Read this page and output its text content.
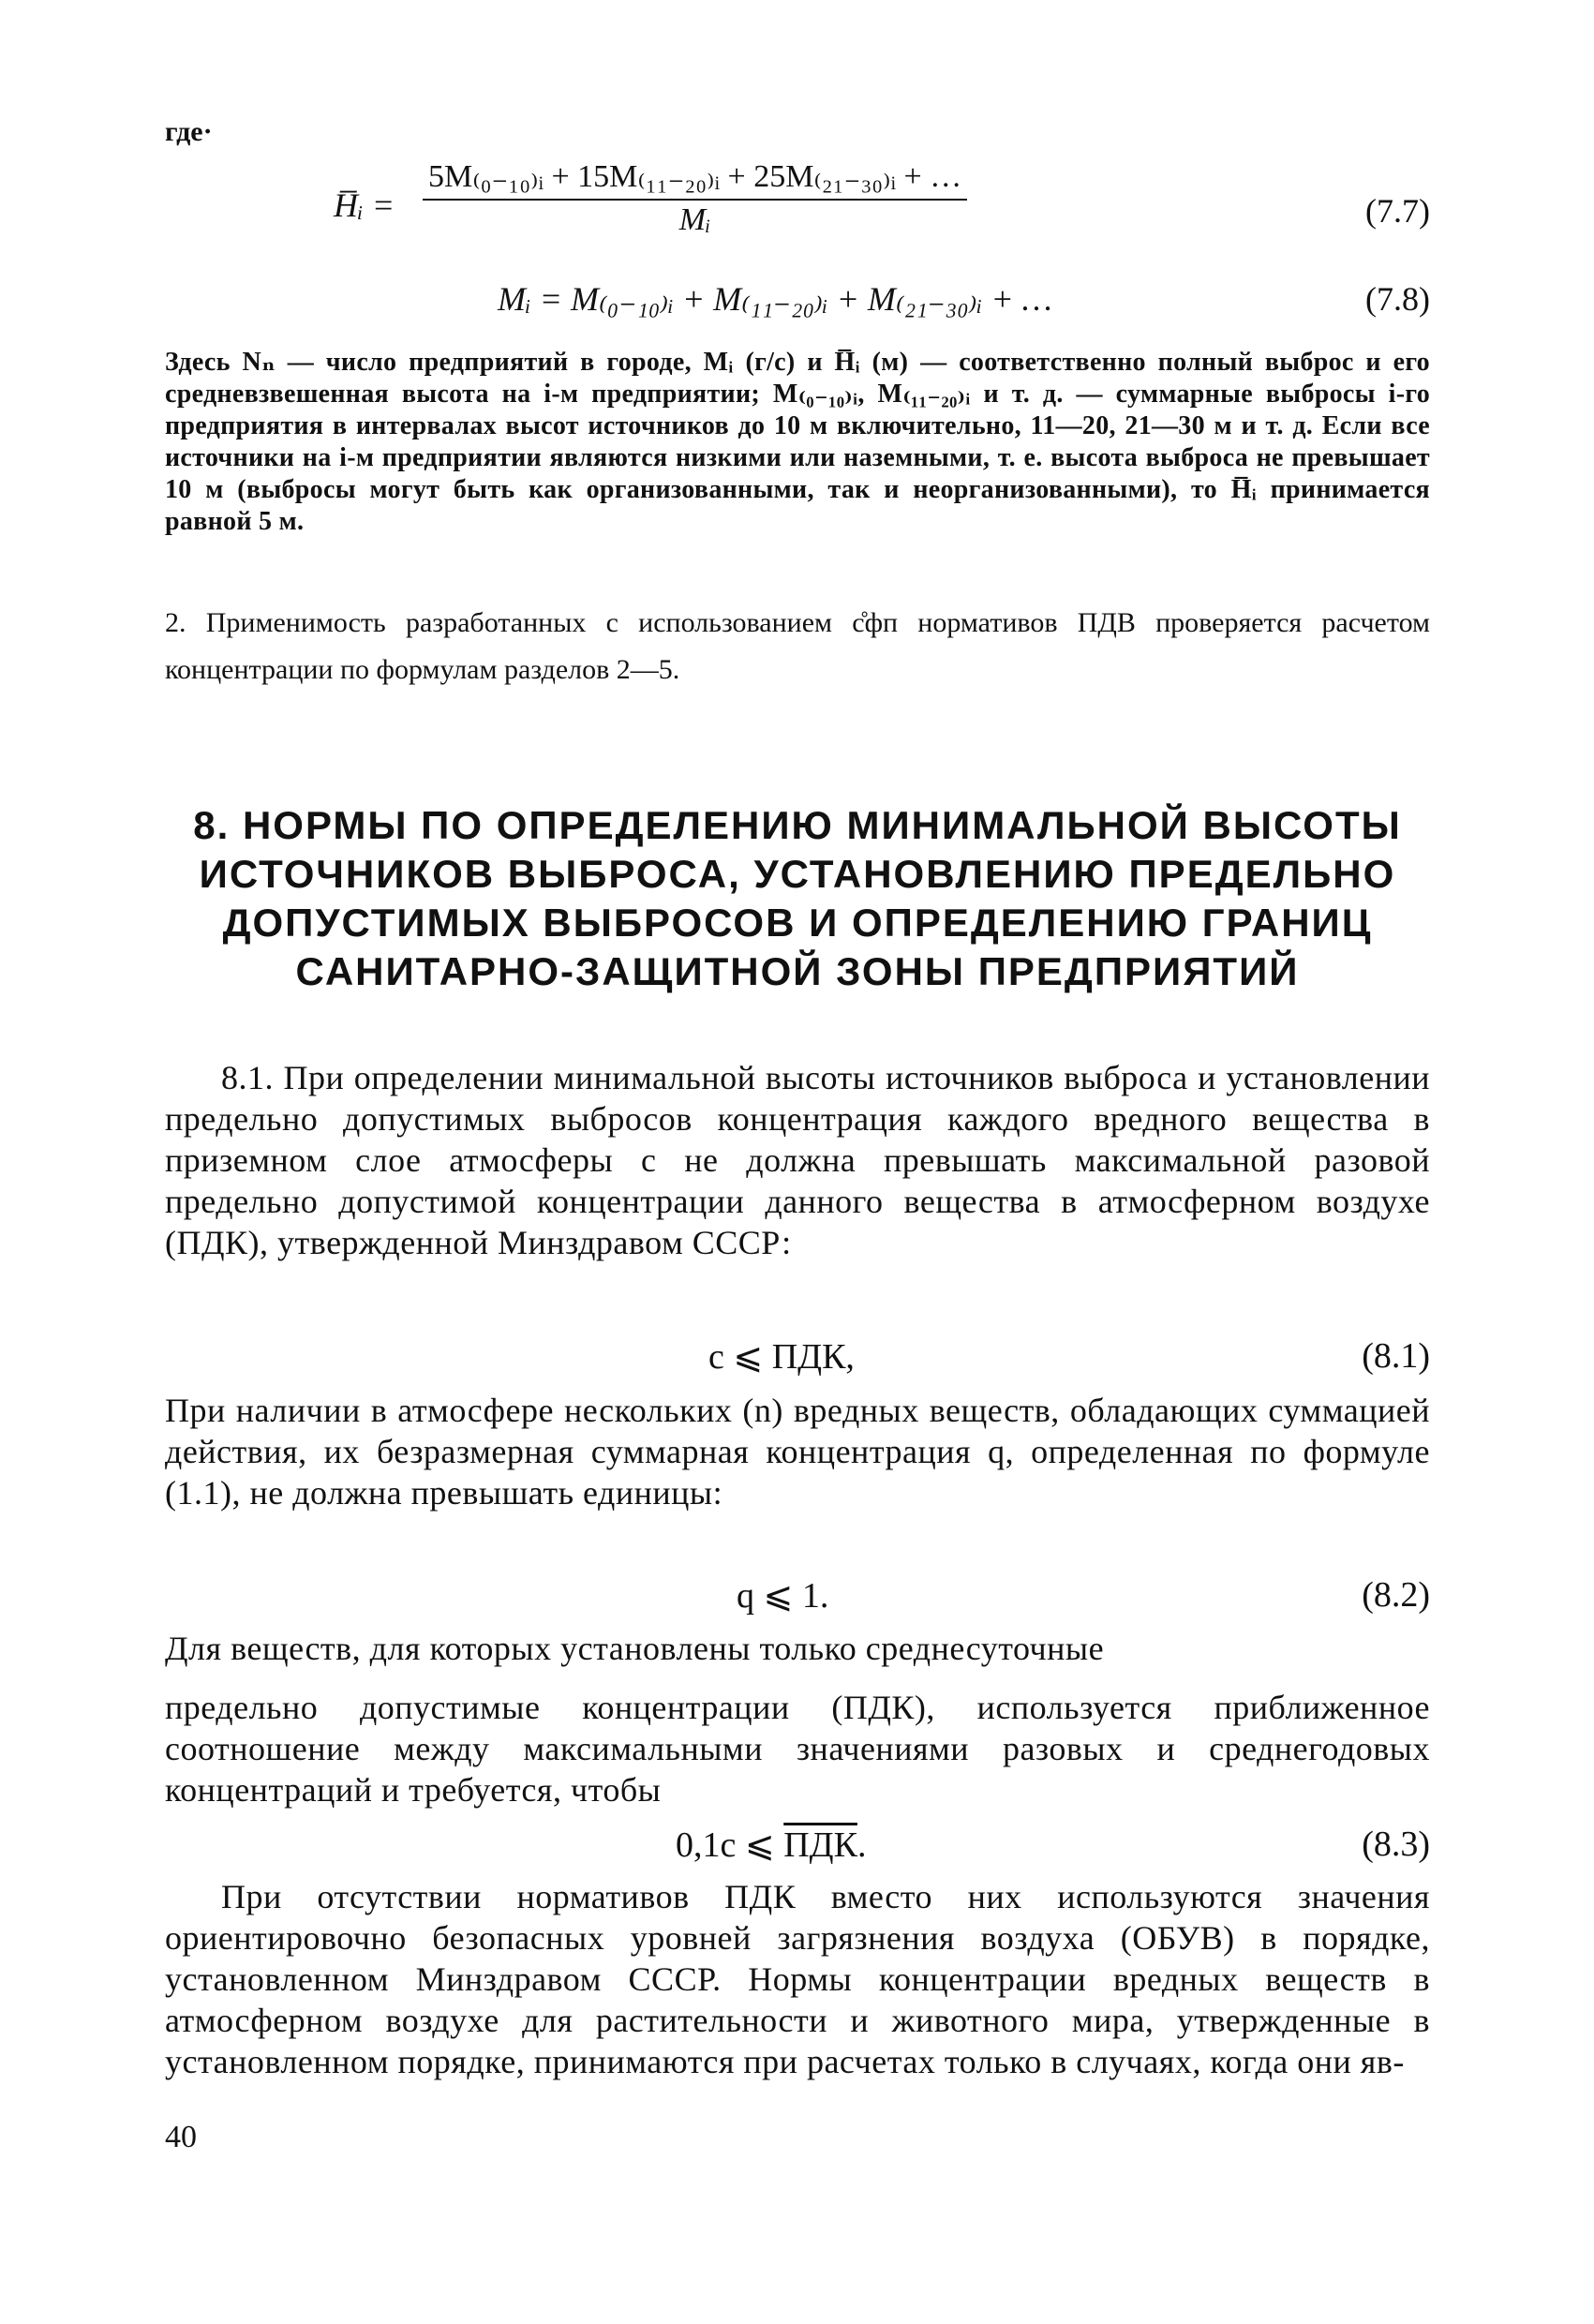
где·
H̅ᵢ = $\frac{\text{5M₍₀₋₁₀₎ᵢ + 15M₍₁₁₋₂₀₎ᵢ + 25M₍₂₁₋₃₀₎ᵢ + …}}{\text{Mᵢ}}$	(7.7)
Mᵢ = M₍₀₋₁₀₎ᵢ + M₍₁₁₋₂₀₎ᵢ + M₍₂₁₋₃₀₎ᵢ + …	(7.8)
Здесь Nₙ — число предприятий в городе, Mᵢ (г/с) и H̅ᵢ (м) — соответственно полный выброс и его средневзвешенная высота на i-м предприятии; M₍₀₋₁₀₎ᵢ, M₍₁₁₋₂₀₎ᵢ и т. д. — суммарные выбросы i-го предприятия в интервалах высот источников до 10 м включительно, 11—20, 21—30 м и т. д. Если все источники на i-м предприятии являются низкими или наземными, т. е. высота выброса не превышает 10 м (выбросы могут быть как организованными, так и неорганизованными), то H̅ᵢ принимается равной 5 м.
2. Применимость разработанных с использованием c̊фп нормативов ПДВ проверяется расчетом концентрации по формулам разделов 2—5.
8. НОРМЫ ПО ОПРЕДЕЛЕНИЮ МИНИМАЛЬНОЙ ВЫСОТЫ ИСТОЧНИКОВ ВЫБРОСА, УСТАНОВЛЕНИЮ ПРЕДЕЛЬНО ДОПУСТИМЫХ ВЫБРОСОВ И ОПРЕДЕЛЕНИЮ ГРАНИЦ САНИТАРНО-ЗАЩИТНОЙ ЗОНЫ ПРЕДПРИЯТИЙ
8.1. При определении минимальной высоты источников выброса и установлении предельно допустимых выбросов концентрация каждого вредного вещества в приземном слое атмосферы c не должна превышать максимальной разовой предельно допустимой концентрации данного вещества в атмосферном воздухе (ПДК), утвержденной Минздравом СССР:
c ⩽ ПДК,	(8.1)
При наличии в атмосфере нескольких (n) вредных веществ, обладающих суммацией действия, их безразмерная суммарная концентрация q, определенная по формуле (1.1), не должна превышать единицы:
q ⩽ 1.	(8.2)
Для веществ, для которых установлены только среднесуточные
предельно допустимые концентрации (ПДК), используется приближенное соотношение между максимальными значениями разовых и среднегодовых концентраций и требуется, чтобы
0,1c ⩽ ПДК.	(8.3)
При отсутствии нормативов ПДК вместо них используются значения ориентировочно безопасных уровней загрязнения воздуха (ОБУВ) в порядке, установленном Минздравом СССР. Нормы концентрации вредных веществ в атмосферном воздухе для растительности и животного мира, утвержденные в установленном порядке, принимаются при расчетах только в случаях, когда они яв-
40
